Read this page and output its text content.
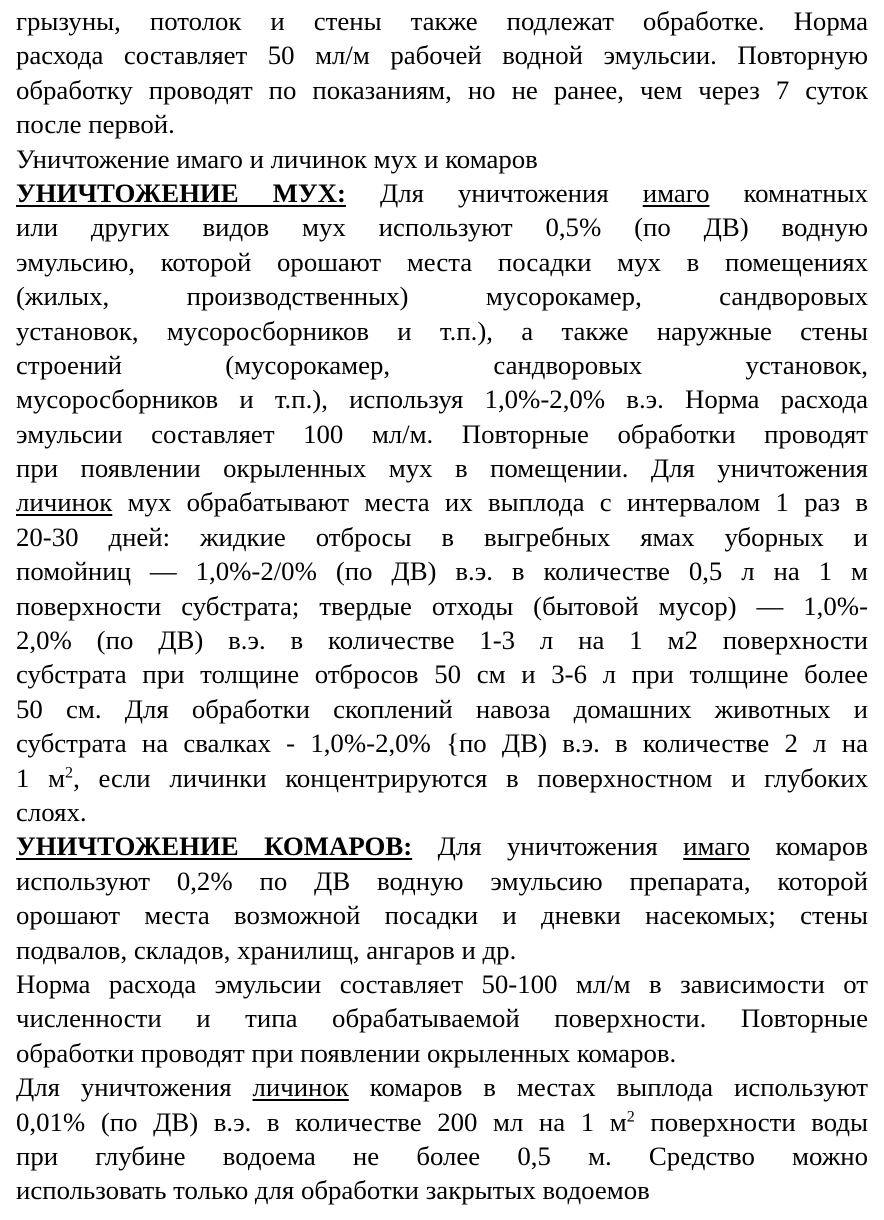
грызуны, потолок и стены также подлежат обработке. Норма
расхода составляет 50 мл/м рабочей водной эмульсии. Повторную
обработку проводят по показаниям, но не ранее, чем через 7 суток
после первой.
Уничтожение имаго и личинок мух и комаров
УНИЧТОЖЕНИЕ МУХ: Для уничтожения имаго комнатных
или других видов мух используют 0,5% (по ДВ) водную
эмульсию, которой орошают места посадки мух в помещениях
(жилых, производственных) мусорокамер, сандворовых
установок, мусоросборников и т.п.), а также наружные стены
строений (мусорокамер, сандворовых установок,
мусоросборников и т.п.), используя 1,0%-2,0% в.э. Норма расхода
эмульсии составляет 100 мл/м. Повторные обработки проводят
при появлении окрыленных мух в помещении. Для уничтожения
личинок мух обрабатывают места их выплода с интервалом 1 раз в
20-30 дней: жидкие отбросы в выгребных ямах уборных и
помойниц — 1,0%-2/0% (по ДВ) в.э. в количестве 0,5 л на 1 м
поверхности субстрата; твердые отходы (бытовой мусор) — 1,0%-
2,0% (по ДВ) в.э. в количестве 1-3 л на 1 м2 поверхности
субстрата при толщине отбросов 50 см и 3-6 л при толщине более
50 см. Для обработки скоплений навоза домашних животных и
субстрата на свалках - 1,0%-2,0% {по ДВ) в.э. в количестве 2 л на
1 $м^2$, если личинки концентрируются в поверхностном и глубоких
слоях.
УНИЧТОЖЕНИЕ КОМАРОВ: Для уничтожения имаго комаров
используют 0,2% по ДВ водную эмульсию препарата, которой
орошают места возможной посадки и дневки насекомых; стены
подвалов, складов, хранилищ, ангаров и др.
Норма расхода эмульсии составляет 50-100 мл/м в зависимости от
численности и типа обрабатываемой поверхности. Повторные
обработки проводят при появлении окрыленных комаров.
Для уничтожения личинок комаров в местах выплода используют
0,01% (по ДВ) в.э. в количестве 200 мл на 1 $м^2$ поверхности воды
при глубине водоема не более 0,5 м. Средство можно
использовать только для обработки закрытых водоемов
